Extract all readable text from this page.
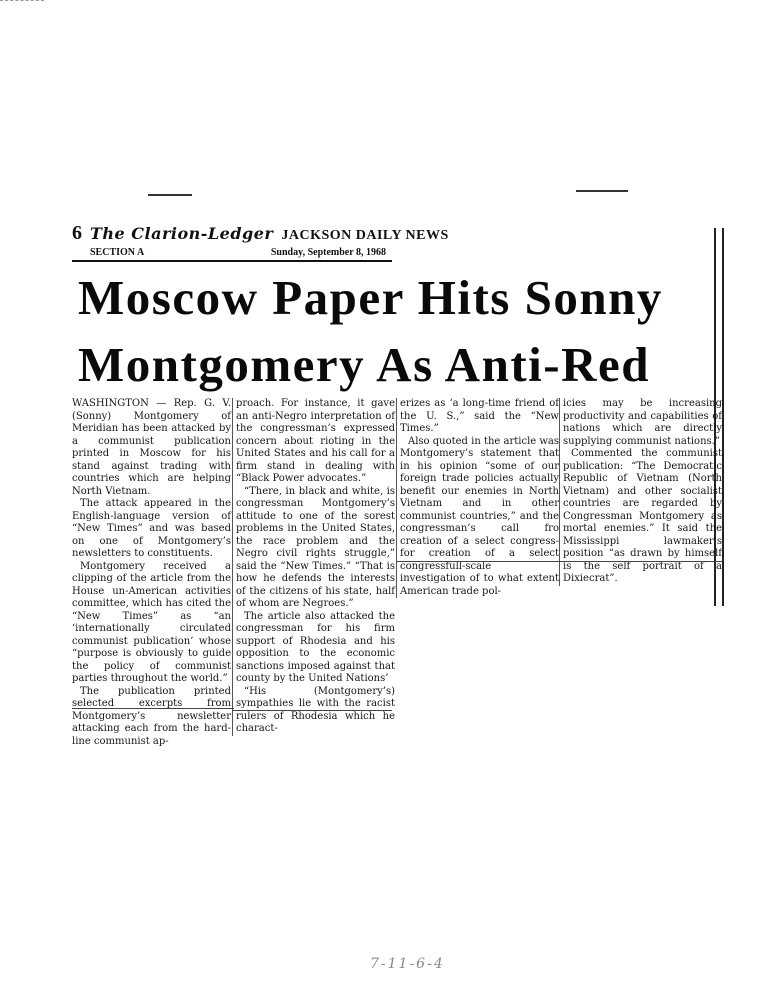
6 The Clarion-Ledger JACKSON DAILY NEWS
SECTION A	Sunday, September 8, 1968
Moscow Paper Hits Sonny
Montgomery As Anti-Red

WASHINGTON — Rep. G. V. (Sonny) Montgomery of Meridian has been attacked by a communist publication printed in Moscow for his stand against trading with countries which are helping North Vietnam.

The attack appeared in the English-language version of “New Times” and was based on one of Montgomery’s newsletters to constituents.

Montgomery received a clipping of the article from the House un-American activities committee, which has cited the “New Times” as “an ‘internationally circulated communist publication’ whose “purpose is obviously to guide the policy of communist parties throughout the world.”

The publication printed selected excerpts from Montgomery’s newsletter attacking each from the hard-line communist ap-

proach. For instance, it gave an anti-Negro interpretation of the congressman’s expressed concern about rioting in the United States and his call for a firm stand in dealing with “Black Power advocates.”

“There, in black and white, is congressman Montgomery’s attitude to one of the sorest problems in the United States, the race problem and the Negro civil rights struggle,” said the “New Times.” “That is how he defends the interests of the citizens of his state, half of whom are Negroes.”

The article also attacked the congressman for his firm support of Rhodesia and his opposition to the economic sanctions imposed against that county by the United Nations’

“His (Montgomery’s) sympathies lie with the racist rulers of Rhodesia which he charact-

erizes as ‘a long-time friend of the U. S.,” said the “New Times.”

Also quoted in the article was Montgomery’s statement that in his opinion “some of our foreign trade policies actually benefit our enemies in North Vietnam and in other communist countries,” and the congressman’s call fro creation of a select congress- for creation of a select congressfull-scale investigation of to what extent American trade pol-

icies may be increasing productivity and capabilities of nations which are directly supplying communist nations.”

Commented the communist publication: “The Democratic Republic of Vietnam (North Vietnam) and other socialist countries are regarded by Congressman Montgomery as mortal enemies.” It said the Mississippi lawmaker’s position “as drawn by himself is the self portrait of a Dixiecrat”.

7-11-6-4
